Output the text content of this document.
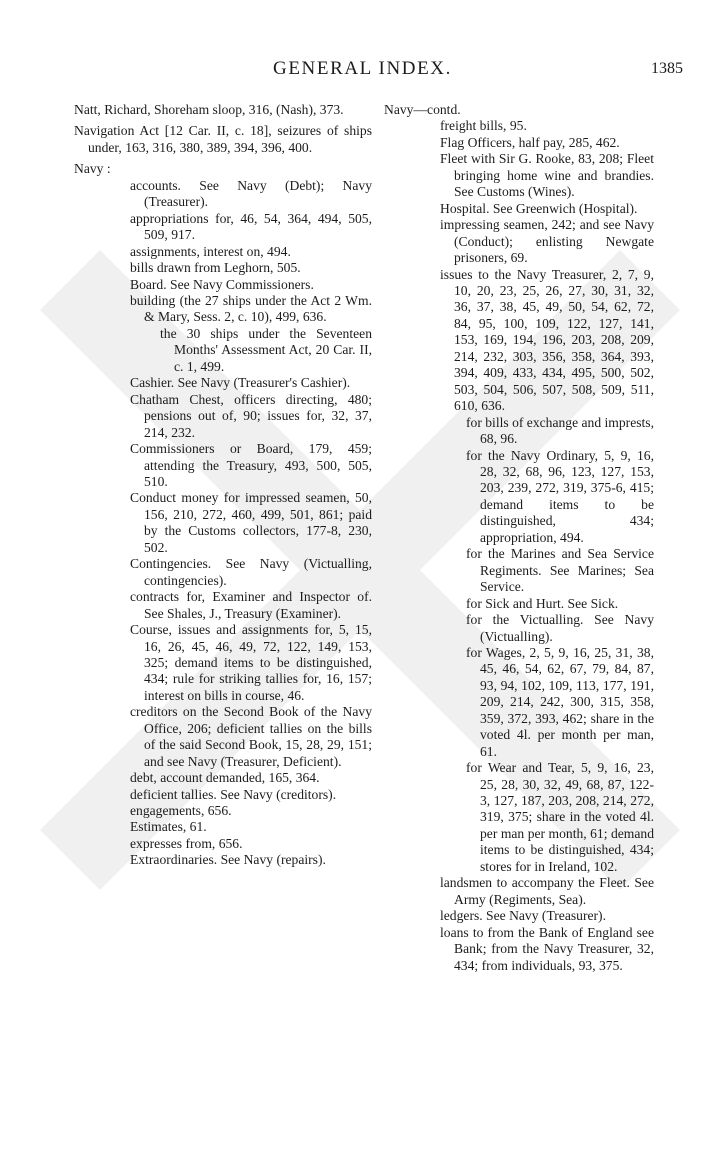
GENERAL INDEX.	1385
Natt, Richard, Shoreham sloop, 316, (Nash), 373.
Navigation Act [12 Car. II, c. 18], seizures of ships under, 163, 316, 380, 389, 394, 396, 400.
Navy :
accounts. See Navy (Debt); Navy (Treasurer).
appropriations for, 46, 54, 364, 494, 505, 509, 917.
assignments, interest on, 494.
bills drawn from Leghorn, 505.
Board. See Navy Commissioners.
building (the 27 ships under the Act 2 Wm. & Mary, Sess. 2, c. 10), 499, 636.
the 30 ships under the Seventeen Months' Assessment Act, 20 Car. II, c. 1, 499.
Cashier. See Navy (Treasurer's Cashier).
Chatham Chest, officers directing, 480; pensions out of, 90; issues for, 32, 37, 214, 232.
Commissioners or Board, 179, 459; attending the Treasury, 493, 500, 505, 510.
Conduct money for impressed seamen, 50, 156, 210, 272, 460, 499, 501, 861; paid by the Customs collectors, 177-8, 230, 502.
Contingencies. See Navy (Victualling, contingencies).
contracts for, Examiner and Inspector of. See Shales, J., Treasury (Examiner).
Course, issues and assignments for, 5, 15, 16, 26, 45, 46, 49, 72, 122, 149, 153, 325; demand items to be distinguished, 434; rule for striking tallies for, 16, 157; interest on bills in course, 46.
creditors on the Second Book of the Navy Office, 206; deficient tallies on the bills of the said Second Book, 15, 28, 29, 151; and see Navy (Treasurer, Deficient).
debt, account demanded, 165, 364.
deficient tallies. See Navy (creditors).
engagements, 656.
Estimates, 61.
expresses from, 656.
Extraordinaries. See Navy (repairs).
Navy—contd.
freight bills, 95.
Flag Officers, half pay, 285, 462.
Fleet with Sir G. Rooke, 83, 208; Fleet bringing home wine and brandies. See Customs (Wines).
Hospital. See Greenwich (Hospital).
impressing seamen, 242; and see Navy (Conduct); enlisting Newgate prisoners, 69.
issues to the Navy Treasurer, 2, 7, 9, 10, 20, 23, 25, 26, 27, 30, 31, 32, 36, 37, 38, 45, 49, 50, 54, 62, 72, 84, 95, 100, 109, 122, 127, 141, 153, 169, 194, 196, 203, 208, 209, 214, 232, 303, 356, 358, 364, 393, 394, 409, 433, 434, 495, 500, 502, 503, 504, 506, 507, 508, 509, 511, 610, 636.
for bills of exchange and imprests, 68, 96.
for the Navy Ordinary, 5, 9, 16, 28, 32, 68, 96, 123, 127, 153, 203, 239, 272, 319, 375-6, 415; demand items to be distinguished, 434; appropriation, 494.
for the Marines and Sea Service Regiments. See Marines; Sea Service.
for Sick and Hurt. See Sick.
for the Victualling. See Navy (Victualling).
for Wages, 2, 5, 9, 16, 25, 31, 38, 45, 46, 54, 62, 67, 79, 84, 87, 93, 94, 102, 109, 113, 177, 191, 209, 214, 242, 300, 315, 358, 359, 372, 393, 462; share in the voted 4l. per month per man, 61.
for Wear and Tear, 5, 9, 16, 23, 25, 28, 30, 32, 49, 68, 87, 122-3, 127, 187, 203, 208, 214, 272, 319, 375; share in the voted 4l. per man per month, 61; demand items to be distinguished, 434; stores for in Ireland, 102.
landsmen to accompany the Fleet. See Army (Regiments, Sea).
ledgers. See Navy (Treasurer).
loans to from the Bank of England see Bank; from the Navy Treasurer, 32, 434; from individuals, 93, 375.
